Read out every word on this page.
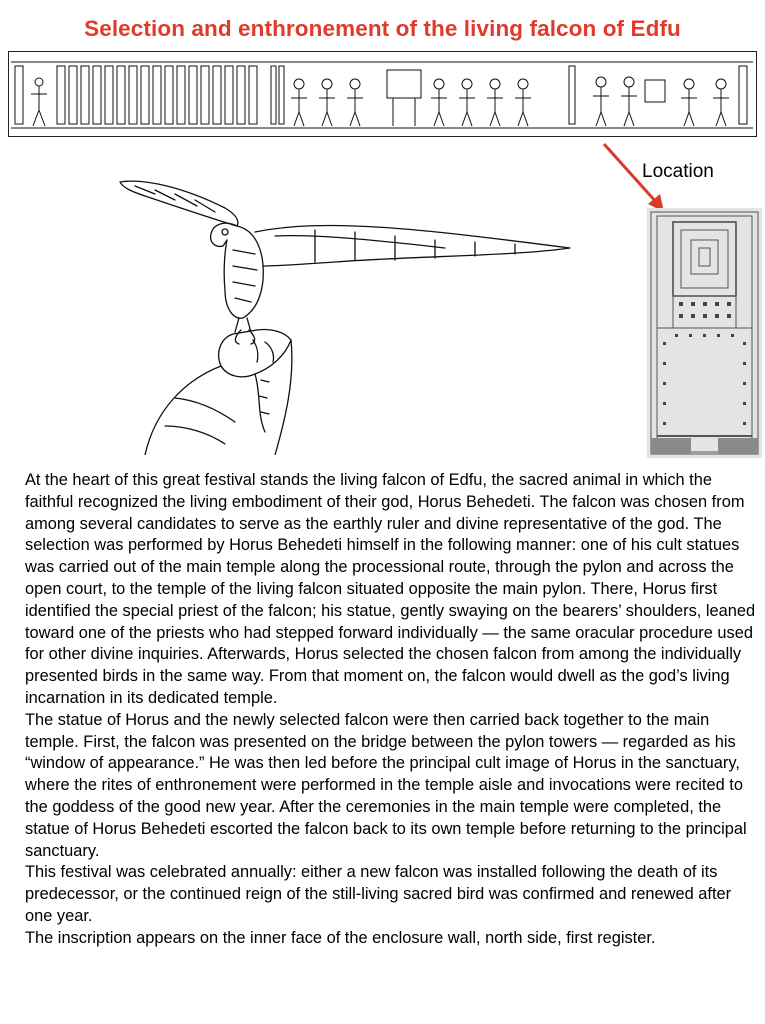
Selection and enthronement of the living falcon of Edfu
Location

At the heart of this great festival stands the living falcon of Edfu, the sacred animal in which the faithful recognized the living embodiment of their god, Horus Behedeti. The falcon was chosen from among several candidates to serve as the earthly ruler and divine representative of the god. The selection was performed by Horus Behedeti himself in the following manner: one of his cult statues was carried out of the main temple along the processional route, through the pylon and across the open court, to the temple of the living falcon situated opposite the main pylon. There, Horus first identified the special priest of the falcon; his statue, gently swaying on the bearers’ shoulders, leaned toward one of the priests who had stepped forward individually — the same oracular procedure used for other divine inquiries. Afterwards, Horus selected the chosen falcon from among the individually presented birds in the same way. From that moment on, the falcon would dwell as the god’s living incarnation in its dedicated temple.

The statue of Horus and the newly selected falcon were then carried back together to the main temple. First, the falcon was presented on the bridge between the pylon towers — regarded as his “window of appearance.” He was then led before the principal cult image of Horus in the sanctuary, where the rites of enthronement were performed in the temple aisle and invocations were recited to the goddess of the good new year. After the ceremonies in the main temple were completed, the statue of Horus Behedeti escorted the falcon back to its own temple before returning to the principal sanctuary.

This festival was celebrated annually: either a new falcon was installed following the death of its predecessor, or the continued reign of the still-living sacred bird was confirmed and renewed after one year.

The inscription appears on the inner face of the enclosure wall, north side, first register.
